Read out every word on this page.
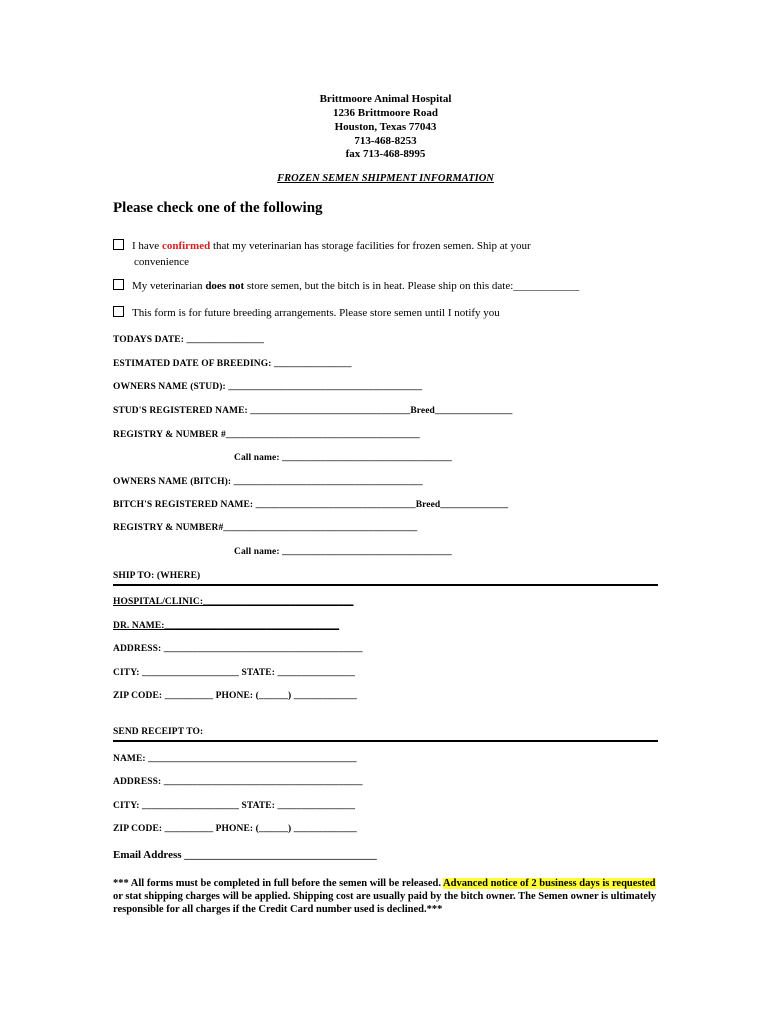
Brittmoore Animal Hospital
1236 Brittmoore Road
Houston, Texas 77043
713-468-8253
fax 713-468-8995
FROZEN SEMEN SHIPMENT INFORMATION
Please check one of the following
I have confirmed that my veterinarian has storage facilities for frozen semen. Ship at your
convenience
My veterinarian does not store semen, but the bitch is in heat. Please ship on this date:____________
This form is for future breeding arrangements. Please store semen until I notify you
TODAYS DATE: ________________
ESTIMATED DATE OF BREEDING: ________________
OWNERS NAME (STUD): ________________________________________
STUD'S REGISTERED NAME: _________________________________Breed________________
REGISTRY & NUMBER #________________________________________
Call name: ___________________________________
OWNERS NAME (BITCH): _______________________________________
BITCH'S REGISTERED NAME: _________________________________Breed______________
REGISTRY & NUMBER#________________________________________
Call name: ___________________________________
SHIP TO: (WHERE)
HOSPITAL/CLINIC:_______________________________
DR. NAME:____________________________________
ADDRESS: _________________________________________
CITY: ____________________ STATE: ________________
ZIP CODE: __________ PHONE: (______) _____________
SEND RECEIPT TO:
NAME: ___________________________________________
ADDRESS: _________________________________________
CITY: ____________________ STATE: ________________
ZIP CODE: __________ PHONE: (______) _____________
Email Address ___________________________________
*** All forms must be completed in full before the semen will be released. Advanced notice of 2 business days is requested or stat shipping charges will be applied. Shipping cost are usually paid by the bitch owner. The Semen owner is ultimately responsible for all charges if the Credit Card number used is declined.***
